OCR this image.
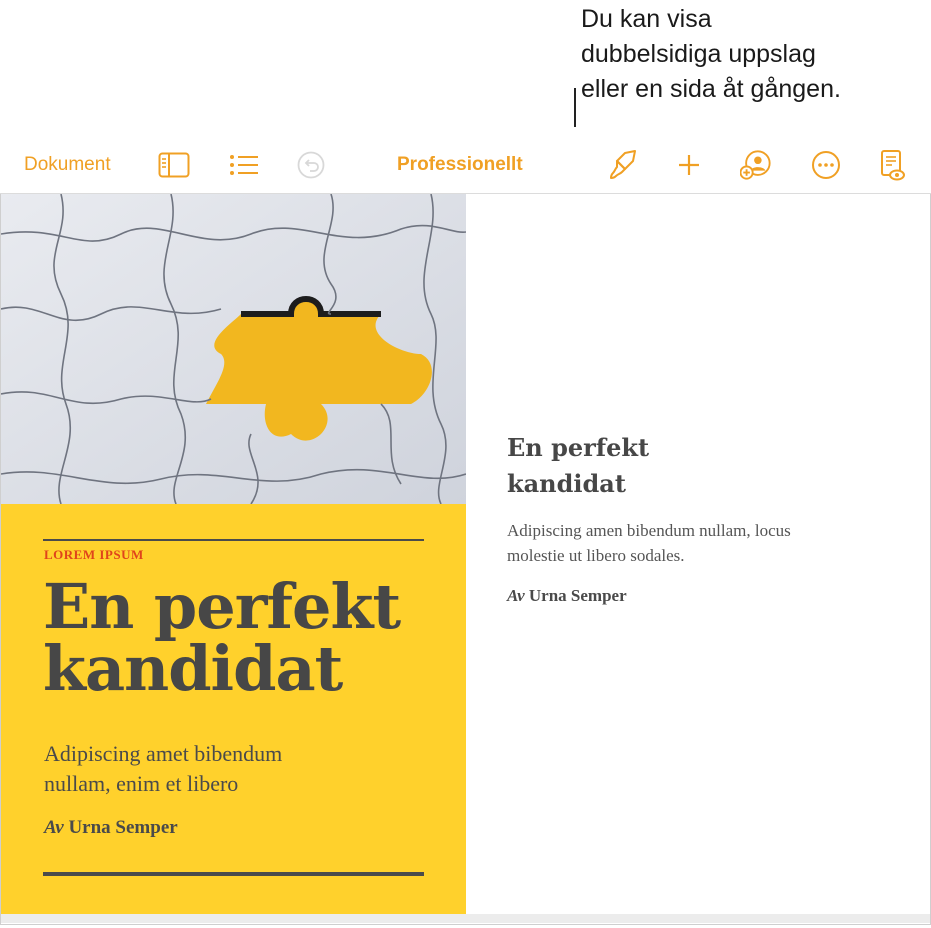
Du kan visa
dubbelsidiga uppslag
eller en sida åt gången.
Dokument	Professionellt
LOREM IPSUM
En perfekt
kandidat
Adipiscing amet bibendum
nullam, enim et libero
Av Urna Semper
En perfekt
kandidat
Adipiscing amen bibendum nullam, locus
molestie ut libero sodales.
Av Urna Semper
